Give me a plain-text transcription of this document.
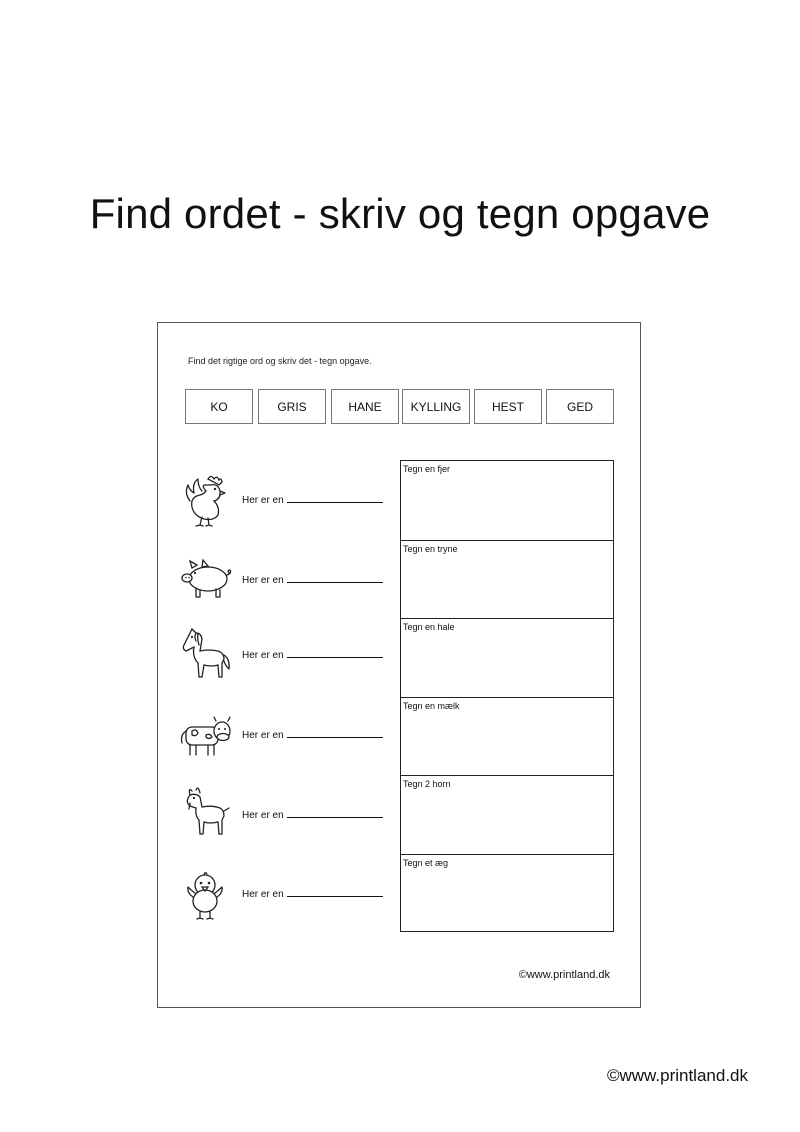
Find ordet - skriv og tegn opgave
Find det rigtige ord og skriv det - tegn opgave.
KO	GRIS	HANE	KYLLING	HEST	GED
Her er en
Her er en
Her er en
Her er en
Her er en
Her er en
Tegn en fjer
Tegn en tryne
Tegn en hale
Tegn en mælk
Tegn 2 horn
Tegn et æg
©www.printland.dk
©www.printland.dk
